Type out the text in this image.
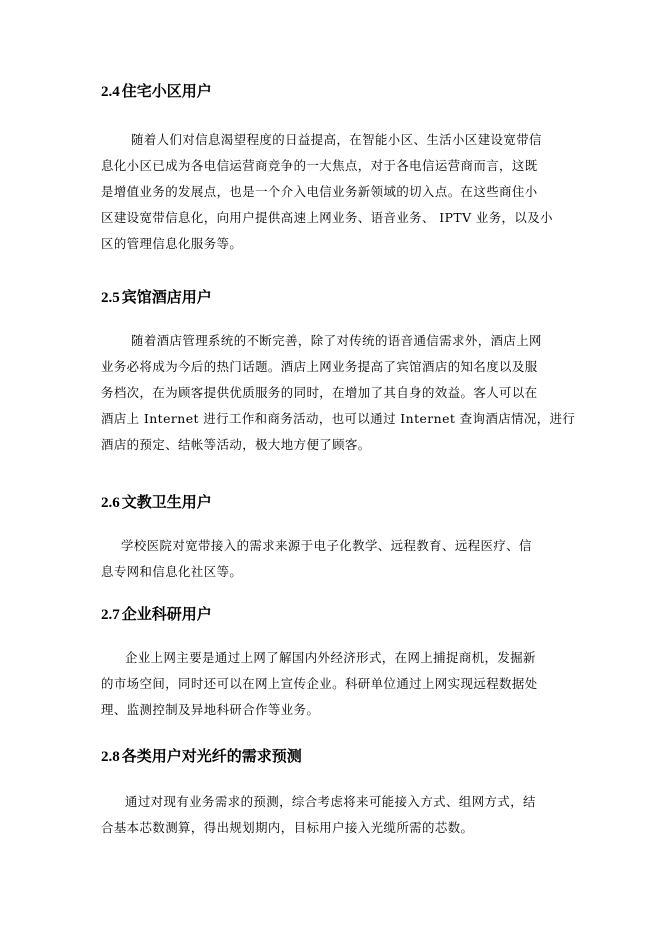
2.4 住宅小区用户

随着人们对信息渴望程度的日益提高，在智能小区、生活小区建设宽带信
息化小区已成为各电信运营商竞争的一大焦点，对于各电信运营商而言，这既
是增值业务的发展点，也是一个介入电信业务新领域的切入点。在这些商住小
区建设宽带信息化，向用户提供高速上网业务、语音业务、 IPTV 业务，以及小
区的管理信息化服务等。

2.5 宾馆酒店用户

随着酒店管理系统的不断完善，除了对传统的语音通信需求外，酒店上网
业务必将成为今后的热门话题。酒店上网业务提高了宾馆酒店的知名度以及服
务档次，在为顾客提供优质服务的同时，在增加了其自身的效益。客人可以在
酒店上 Internet 进行工作和商务活动，也可以通过 Internet 查询酒店情况，进行
酒店的预定、结帐等活动，极大地方便了顾客。

2.6 文教卫生用户

学校医院对宽带接入的需求来源于电子化教学、远程教育、远程医疗、信
息专网和信息化社区等。

2.7 企业科研用户

企业上网主要是通过上网了解国内外经济形式，在网上捕捉商机，发掘新
的市场空间，同时还可以在网上宣传企业。科研单位通过上网实现远程数据处
理、监测控制及异地科研合作等业务。

2.8 各类用户对光纤的需求预测

通过对现有业务需求的预测，综合考虑将来可能接入方式、组网方式，结
合基本芯数测算，得出规划期内，目标用户接入光缆所需的芯数。
